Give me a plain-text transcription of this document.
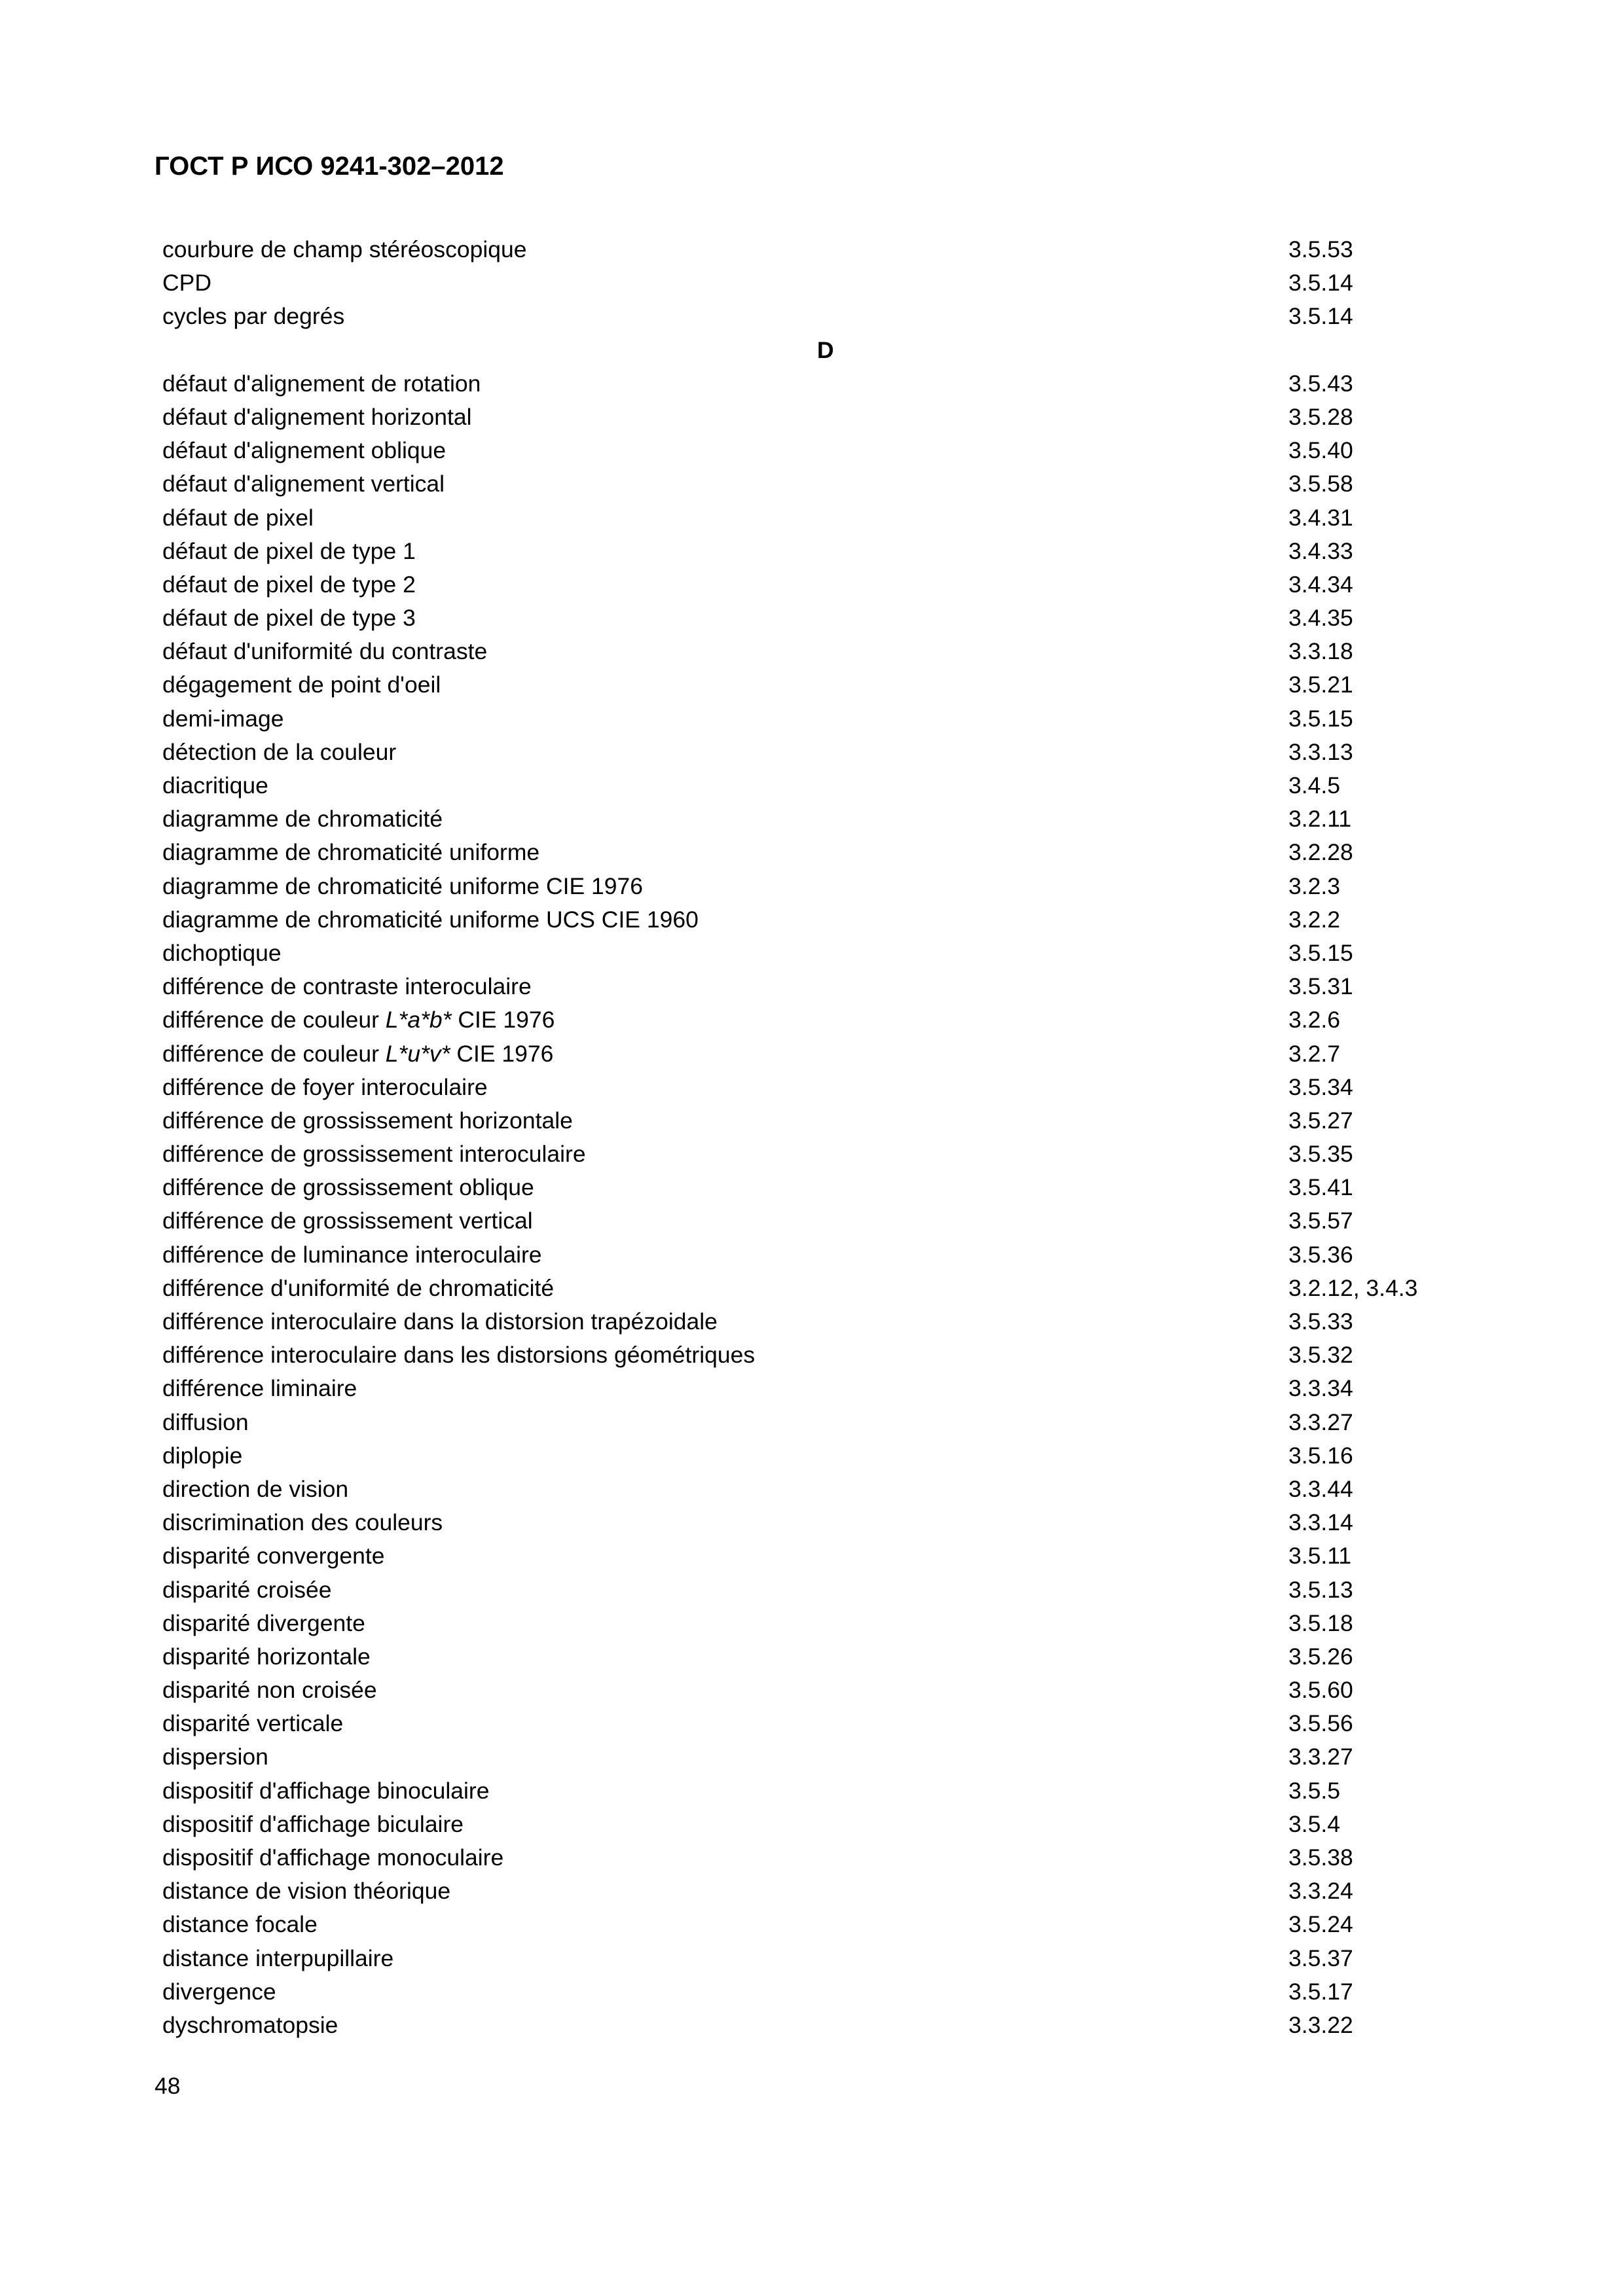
ГОСТ Р ИСО 9241-302–2012
courbure de champ stéréoscopique	3.5.53
CPD	3.5.14
cycles par degrés	3.5.14
D
défaut d'alignement de rotation	3.5.43
défaut d'alignement horizontal	3.5.28
défaut d'alignement oblique	3.5.40
défaut d'alignement vertical	3.5.58
défaut de pixel	3.4.31
défaut de pixel de type 1	3.4.33
défaut de pixel de type 2	3.4.34
défaut de pixel de type 3	3.4.35
défaut d'uniformité du contraste	3.3.18
dégagement de point d'oeil	3.5.21
demi-image	3.5.15
détection de la couleur	3.3.13
diacritique	3.4.5
diagramme de chromaticité	3.2.11
diagramme de chromaticité uniforme	3.2.28
diagramme de chromaticité uniforme CIE 1976	3.2.3
diagramme de chromaticité uniforme UCS CIE 1960	3.2.2
dichoptique	3.5.15
différence de contraste interoculaire	3.5.31
différence de couleur L*a*b* CIE 1976	3.2.6
différence de couleur L*u*v* CIE 1976	3.2.7
différence de foyer interoculaire	3.5.34
différence de grossissement horizontale	3.5.27
différence de grossissement interoculaire	3.5.35
différence de grossissement oblique	3.5.41
différence de grossissement vertical	3.5.57
différence de luminance interoculaire	3.5.36
différence d'uniformité de chromaticité	3.2.12, 3.4.3
différence interoculaire dans la distorsion trapézoidale	3.5.33
différence interoculaire dans les distorsions géométriques	3.5.32
différence liminaire	3.3.34
diffusion	3.3.27
diplopie	3.5.16
direction de vision	3.3.44
discrimination des couleurs	3.3.14
disparité convergente	3.5.11
disparité croisée	3.5.13
disparité divergente	3.5.18
disparité horizontale	3.5.26
disparité non croisée	3.5.60
disparité verticale	3.5.56
dispersion	3.3.27
dispositif d'affichage binoculaire	3.5.5
dispositif d'affichage biculaire	3.5.4
dispositif d'affichage monoculaire	3.5.38
distance de vision théorique	3.3.24
distance focale	3.5.24
distance interpupillaire	3.5.37
divergence	3.5.17
dyschromatopsie	3.3.22
48
